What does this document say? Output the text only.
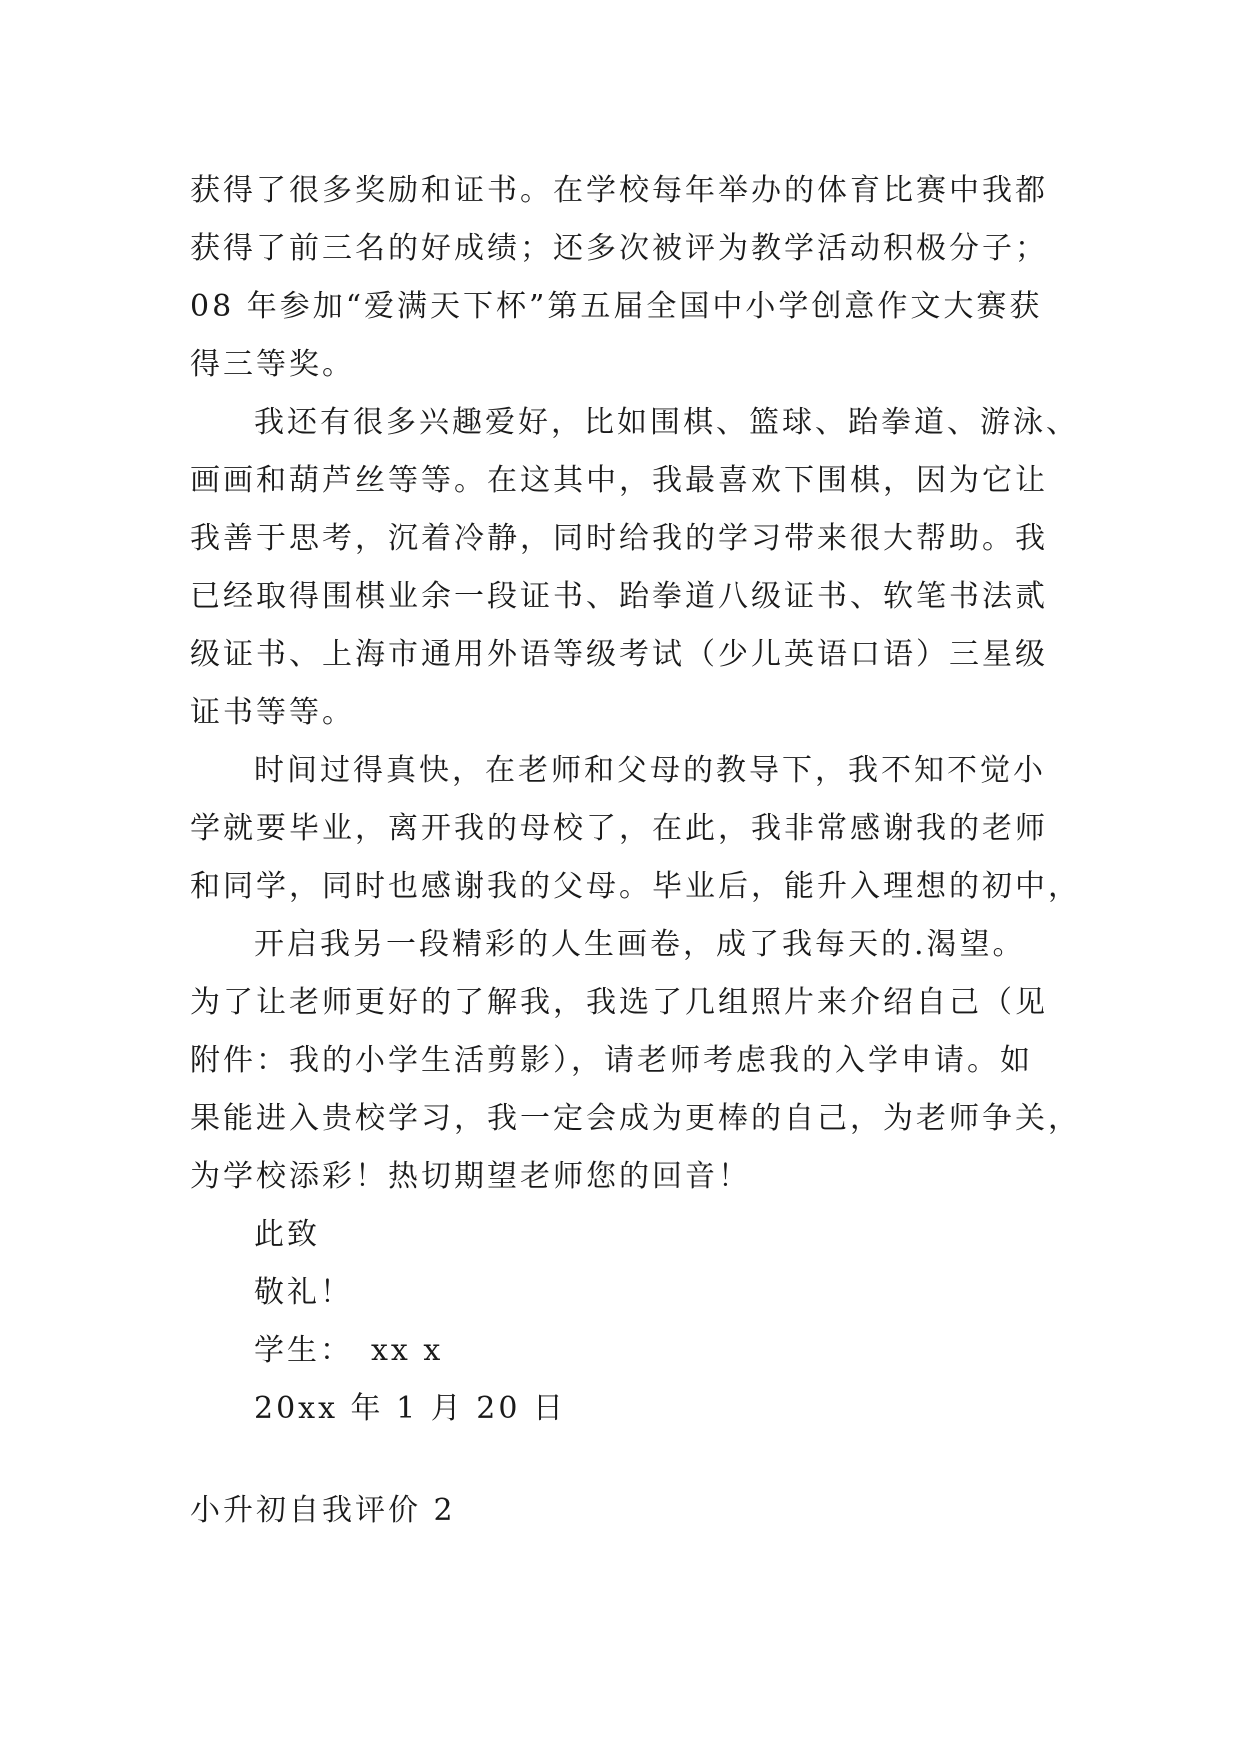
获得了很多奖励和证书。在学校每年举办的体育比赛中我都
获得了前三名的好成绩；还多次被评为教学活动积极分子；
08 年参加“爱满天下杯”第五届全国中小学创意作文大赛获
得三等奖。

我还有很多兴趣爱好，比如围棋、篮球、跆拳道、游泳、
画画和葫芦丝等等。在这其中，我最喜欢下围棋，因为它让
我善于思考，沉着冷静，同时给我的学习带来很大帮助。我
已经取得围棋业余一段证书、跆拳道八级证书、软笔书法贰
级证书、上海市通用外语等级考试（少儿英语口语）三星级
证书等等。

时间过得真快，在老师和父母的教导下，我不知不觉小
学就要毕业，离开我的母校了，在此，我非常感谢我的老师
和同学，同时也感谢我的父母。毕业后，能升入理想的初中，

开启我另一段精彩的人生画卷，成了我每天的.渴望。
为了让老师更好的了解我，我选了几组照片来介绍自己（见
附件：我的小学生活剪影），请老师考虑我的入学申请。如
果能进入贵校学习，我一定会成为更棒的自己，为老师争关，
为学校添彩！热切期望老师您的回音！

此致

敬礼！

学生：　xx x

20xx 年 1 月 20 日

小升初自我评价 2
